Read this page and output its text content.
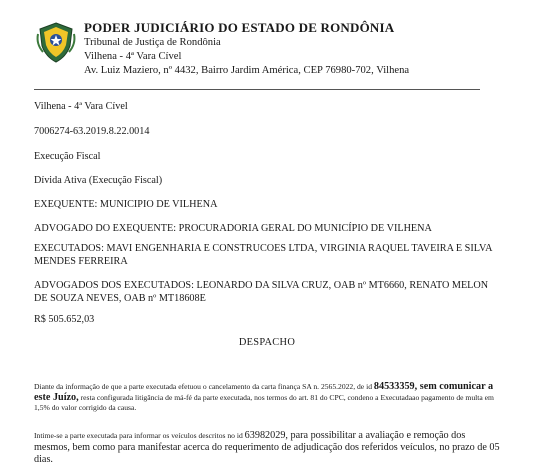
PODER JUDICIÁRIO DO ESTADO DE RONDÔNIA
Tribunal de Justiça de Rondônia
Vilhena - 4ª Vara Cível
Av. Luiz Maziero, nº 4432, Bairro Jardim América, CEP 76980-702, Vilhena
Vilhena - 4ª Vara Cível
7006274-63.2019.8.22.0014
Execução Fiscal
Dívida Ativa (Execução Fiscal)
EXEQUENTE: MUNICIPIO DE VILHENA
ADVOGADO DO EXEQUENTE: PROCURADORIA GERAL DO MUNICÍPIO DE VILHENA
EXECUTADOS: MAVI ENGENHARIA E CONSTRUCOES LTDA, VIRGINIA RAQUEL TAVEIRA E SILVA MENDES FERREIRA
ADVOGADOS DOS EXECUTADOS: LEONARDO DA SILVA CRUZ, OAB nº MT6660, RENATO MELON DE SOUZA NEVES, OAB nº MT18608E
R$ 505.652,03
DESPACHO
Diante da informação de que a parte executada efetuou o cancelamento da carta finança SA n. 2565.2022, de id 84533359, sem comunicar a este Juízo, resta configurada litigância de má-fé da parte executada, nos termos do art. 81 do CPC, condeno a Executadaao pagamento de multa em 1,5% do valor corrigido da causa.
Intime-se a parte executada para informar os veículos descritos no id 63982029, para possibilitar a avaliação e remoção dos mesmos, bem como para manifestar acerca do requerimento de adjudicação dos referidos veículos, no prazo de 05 dias.
